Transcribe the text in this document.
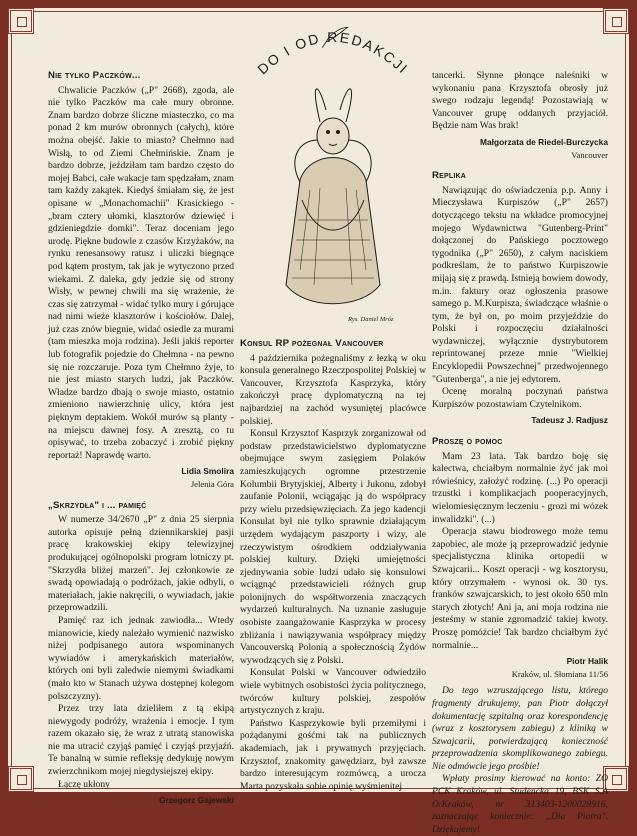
DO I OD REDAKCJI
Nie tylko Paczków...

Chwalicie Paczków („P" 2668), zgoda, ale nie tylko Paczków ma całe mury obronne. Znam bardzo dobrze śliczne miasteczko, co ma ponad 2 km murów obronnych (całych), które można obejść. Jakie to miasto? Chełmno nad Wisłą, to od Ziemi Chełmińskie. Znam je bardzo dobrze, jeździłam tam bardzo często do mojej Babci, całe wakacje tam spędzałam, znam tam każdy zakątek. Kiedyś śmiałam się, że jest opisane w „Monachomachii" Krasickiego - „bram cztery ułomki, klasztorów dziewięć i gdzieniegdzie domki". Teraz doceniam jego urodę. Piękne budowle z czasów Krzyżaków, na rynku renesansowy ratusz i uliczki biegnące pod kątem prostym, tak jak je wytyczono przed wiekami. Z daleka, gdy jedzie się od strony Wisły, w pewnej chwili ma się wrażenie, że czas się zatrzymał - widać tylko mury i górujące nad nimi wieże klasztorów i kościołów. Dalej, już czas znów biegnie, widać osiedle za murami (tam mieszka moja rodzina). Jeśli jakiś reporter lub fotografik pojedzie do Chełmna - na pewno się nie rozczaruje. Poza tym Chełmno żyje, to nie jest miasto starych ludzi, jak Paczków. Władze bardzo dbają o swoje miasto, ostatnio zmieniono nawierzchnię ulicy, która jest pięknym deptakiem. Wokół murów są planty - na miejscu dawnej fosy. A zresztą, co tu opisywać, to trzeba zobaczyć i zrobić piękny reportaż! Naprawdę warto.

Lidia Smolira
Jelenia Góra
„Skrzydła" i ... pamięć

W numerze 34/2670 „P" z dnia 25 sierpnia autorka opisuje pełną dziennikarskiej pasji pracę krakowskiej ekipy telewizyjnej produkującej ogólnopolski program lotniczy pt. "Skrzydła bliżej marzeń". Jej członkowie ze swadą opowiadają o podróżach, jakie odbyli, o materiałach, jakie nakręcili, o wywiadach, jakie przeprowadzili.

Pamięć raz ich jednak zawiodła... Wtedy mianowicie, kiedy należało wymienić nazwisko niżej podpisanego autora wspominanych wywiadów i amerykańskich materiałów, których oni byli zaledwie niemymi świadkami (mało kto w Stanach używa dostępnej kolegom polszczyzny).

Przez trzy lata dzieliłem z tą ekipą niewygody podróży, wrażenia i emocje. I tym razem okazało się, że wraz z utratą stanowiska nie ma utracić czyjąś pamięć i czyjąś przyjaźń. Te banalną w sumie refleksję dedykuję nowym zwierzchnikom mojej niegdysiejszej ekipy.

Łączę ukłony

Grzegorz Gajewski
Rys. Daniel Mróz
Konsul RP pożegnał Vancouver

4 października pożegnaliśmy z łezką w oku konsula generalnego Rzeczpospolitej Polskiej w Vancouver, Krzysztofa Kasprzyka, który zakończył pracę dyplomatyczną na tej najbardziej na zachód wysuniętej placówce polskiej.

Konsul Krzysztof Kasprzyk zorganizował od podstaw przedstawicielstwo dyplomatyczne obejmujące swym zasięgiem Polaków zamieszkujących ogromne przestrzenie Kolumbii Brytyjskiej, Alberty i Jukonu, zdobył zaufanie Polonii, wciągając ją do współpracy przy wielu przedsięwzięciach. Za jego kadencji Konsulat był nie tylko sprawnie działającym urzędem wydającym paszporty i wizy, ale rzeczywistym ośrodkiem oddziaływania polskiej kultury. Dzięki umiejętności zjednywania sobie ludzi udało się konsulowi wciągnąć przedstawicieli różnych grup polonijnych do współtworzenia znaczących wydarzeń kulturalnych. Na uznanie zasługuje osobiste zaangażowanie Kasprzyka w procesy zbliżania i nawiązywania współpracy między Vancouverską Polonią a społecznością Żydów wywodzących się z Polski.

Konsulat Polski w Vancouver odwiedziło wiele wybitnych osobistości życia politycznego, twórców kultury polskiej, zespołów artystycznych z kraju.

Państwo Kasprzykowie byli przemiłymi i pożądanymi gośćmi tak na publicznych akademiach, jak i prywatnych przyjęciach. Krzysztof, znakomity gawędziarz, był zawsze bardzo interesującym rozmówcą, a urocza Marta pozyskała sobie opinię wyśmienitej

tancerki. Słynne płonące naleśniki w wykonaniu pana Krzysztofa obrosły już swego rodzaju legendą! Pozostawiają w Vancouver grupę oddanych przyjaciół. Będzie nam Was brak!

Małgorzata de Riedel-Burczycka
Vancouver
Replika

Nawiązując do oświadczenia p.p. Anny i Mieczysława Kurpiszów („P" 2657) dotyczącego tekstu na wkładce promocyjnej mojego Wydawnictwa "Gutenberg-Print" dołączonej do Pańskiego pocztowego tygodnika („P" 2650), z całym naciskiem podkreślam, że to państwo Kurpiszowie mijają się z prawdą. Istnieją bowiem dowody, m.in. faktury oraz ogłoszenia prasowe samego p. M.Kurpisza, świadczące właśnie o tym, że był on, po moim przyjeździe do Polski i rozpoczęciu działalności wydawniczej, wyłącznie dystrybutorem reprintowanej przeze mnie "Wielkiej Encyklopedii Powszechnej" przedwojennego "Gutenberga", a nie jej edytorem.

Ocenę moralną poczynań państwa Kurpiszów pozostawiam Czytelnikom.

Tadeusz J. Radjusz
Proszę o pomoc

Mam 23 lata. Tak bardzo boję się kalectwa, chciałbym normalnie żyć jak moi rówieśnicy, założyć rodzinę. (...) Po operacji trzustki i komplikacjach pooperacyjnych, wielomiesięcznym leczeniu - grozi mi wózek inwalidzki". (...)

Operacja stawu biodrowego może temu zapobiec, ale może ją przeprowadzić jedynie specjalistyczna klinika ortopedii w Szwajcarii... Koszt operacji - wg kosztorysu, który otrzymałem - wynosi ok. 30 tys. franków szwajcarskich, to jest około 650 mln starych złotych! Ani ja, ani moja rodzina nie jesteśmy w stanie zgromadzić takiej kwoty. Proszę pomóżcie! Tak bardzo chciałbym żyć normalnie...

Piotr Halik
Kraków, ul. Słomiana 11/56

Do tego wzruszającego listu, którego fragmenty drukujemy, pan Piotr dołączył dokumentację szpitalną oraz korespondencję (wraz z kosztorysem zabiegu) z kliniką w Szwajcarii, potwierdzającą konieczność przeprowadzenia skomplikowanego zabiegu. Nie odmówcie jego prośbie!

Wpłaty prosimy kierować na konto: ZO PCK Kraków, ul. Studencka 19, BSK S.A O/Kraków, nr 313403-1200028916, zaznaczając koniecznie: „Dla Piotra". Dziękujemy!
